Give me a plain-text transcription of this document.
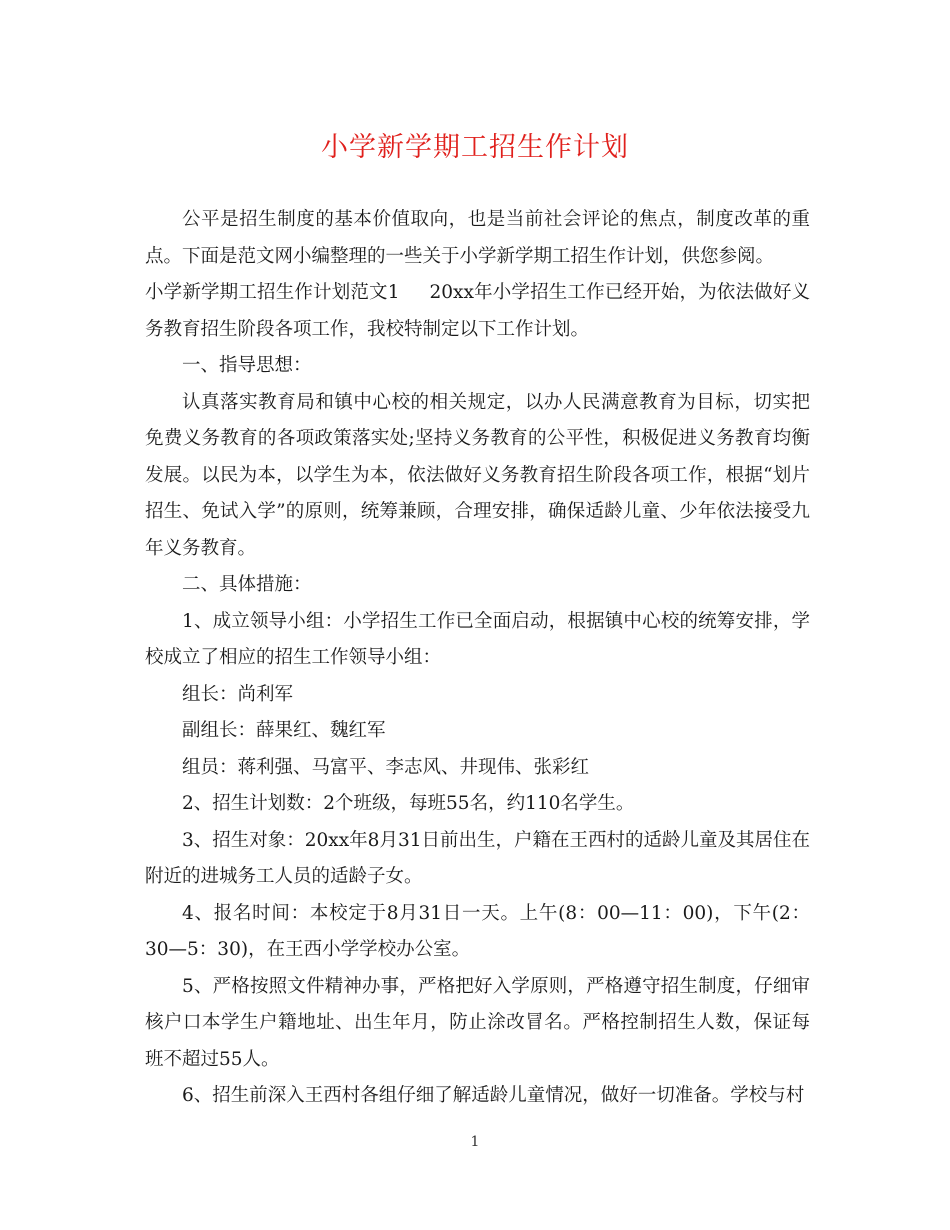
小学新学期工招生作计划

公平是招生制度的基本价值取向，也是当前社会评论的焦点，制度改革的重点。下面是范文网小编整理的一些关于小学新学期工招生作计划，供您参阅。

小学新学期工招生作计划范文1 20xx年小学招生工作已经开始，为依法做好义务教育招生阶段各项工作，我校特制定以下工作计划。

一、指导思想：

认真落实教育局和镇中心校的相关规定，以办人民满意教育为目标，切实把免费义务教育的各项政策落实处;坚持义务教育的公平性，积极促进义务教育均衡发展。以民为本，以学生为本，依法做好义务教育招生阶段各项工作，根据“划片招生、免试入学”的原则，统筹兼顾，合理安排，确保适龄儿童、少年依法接受九年义务教育。

二、具体措施：

1、成立领导小组：小学招生工作已全面启动，根据镇中心校的统筹安排，学校成立了相应的招生工作领导小组：

组长：尚利军

副组长：薛果红、魏红军

组员：蒋利强、马富平、李志风、井现伟、张彩红

2、招生计划数：2个班级，每班55名，约110名学生。

3、招生对象：20xx年8月31日前出生，户籍在王西村的适龄儿童及其居住在附近的进城务工人员的适龄子女。

4、报名时间：本校定于8月31日一天。上午(8：00—11：00)，下午(2：30—5：30)，在王西小学学校办公室。

5、严格按照文件精神办事，严格把好入学原则，严格遵守招生制度，仔细审核户口本学生户籍地址、出生年月，防止涂改冒名。严格控制招生人数，保证每班不超过55人。

6、招生前深入王西村各组仔细了解适龄儿童情况，做好一切准备。学校与村

1
